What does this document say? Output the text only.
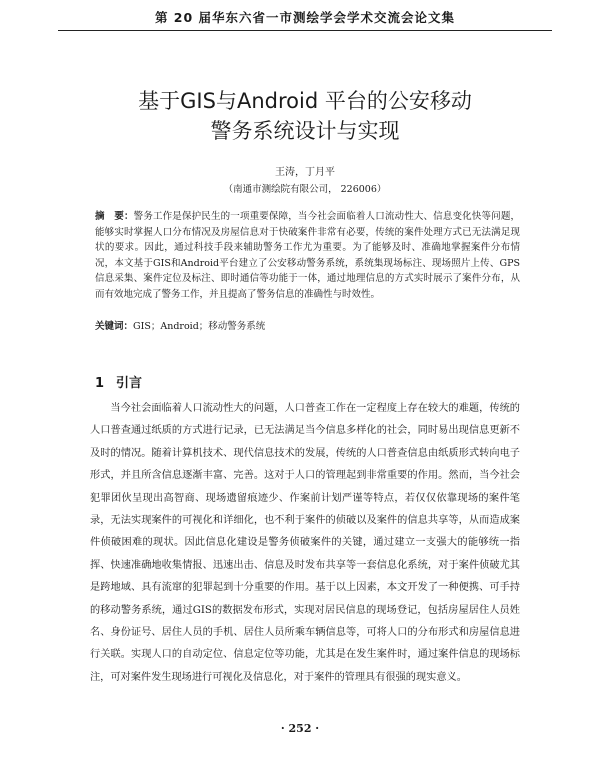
第 20 届华东六省一市测绘学会学术交流会论文集
基于GIS与Android 平台的公安移动
警务系统设计与实现
王涛，丁月平
（南通市测绘院有限公司， 226006）
摘　要：警务工作是保护民生的一项重要保障，当今社会面临着人口流动性大、信息变化快等问题，能够实时掌握人口分布情况及房屋信息对于快破案件非常有必要，传统的案件处理方式已无法满足现状的要求。因此，通过科技手段来辅助警务工作尤为重要。为了能够及时、准确地掌握案件分布情况，本文基于GIS和Android平台建立了公安移动警务系统，系统集现场标注、现场照片上传、GPS信息采集、案件定位及标注、即时通信等功能于一体，通过地理信息的方式实时展示了案件分布，从而有效地完成了警务工作，并且提高了警务信息的准确性与时效性。
关键词：GIS；Android；移动警务系统
1 引言

当今社会面临着人口流动性大的问题，人口普查工作在一定程度上存在较大的难题，传统的人口普查通过纸质的方式进行记录，已无法满足当今信息多样化的社会，同时易出现信息更新不及时的情况。随着计算机技术、现代信息技术的发展，传统的人口普查信息由纸质形式转向电子形式，并且所含信息逐渐丰富、完善。这对于人口的管理起到非常重要的作用。然而，当今社会犯罪团伙呈现出高智商、现场遗留痕迹少、作案前计划严谨等特点，若仅仅依靠现场的案件笔录，无法实现案件的可视化和详细化，也不利于案件的侦破以及案件的信息共享等，从而造成案件侦破困难的现状。因此信息化建设是警务侦破案件的关键，通过建立一支强大的能够统一指挥、快速准确地收集情报、迅速出击、信息及时发布共享等一套信息化系统，对于案件侦破尤其是跨地域、具有流窜的犯罪起到十分重要的作用。基于以上因素，本文开发了一种便携、可手持的移动警务系统，通过GIS的数据发布形式，实现对居民信息的现场登记，包括房屋居住人员姓名、身份证号、居住人员的手机、居住人员所乘车辆信息等，可将人口的分布形式和房屋信息进行关联。实现人口的自动定位、信息定位等功能，尤其是在发生案件时，通过案件信息的现场标注，可对案件发生现场进行可视化及信息化，对于案件的管理具有很强的现实意义。

· 252 ·
